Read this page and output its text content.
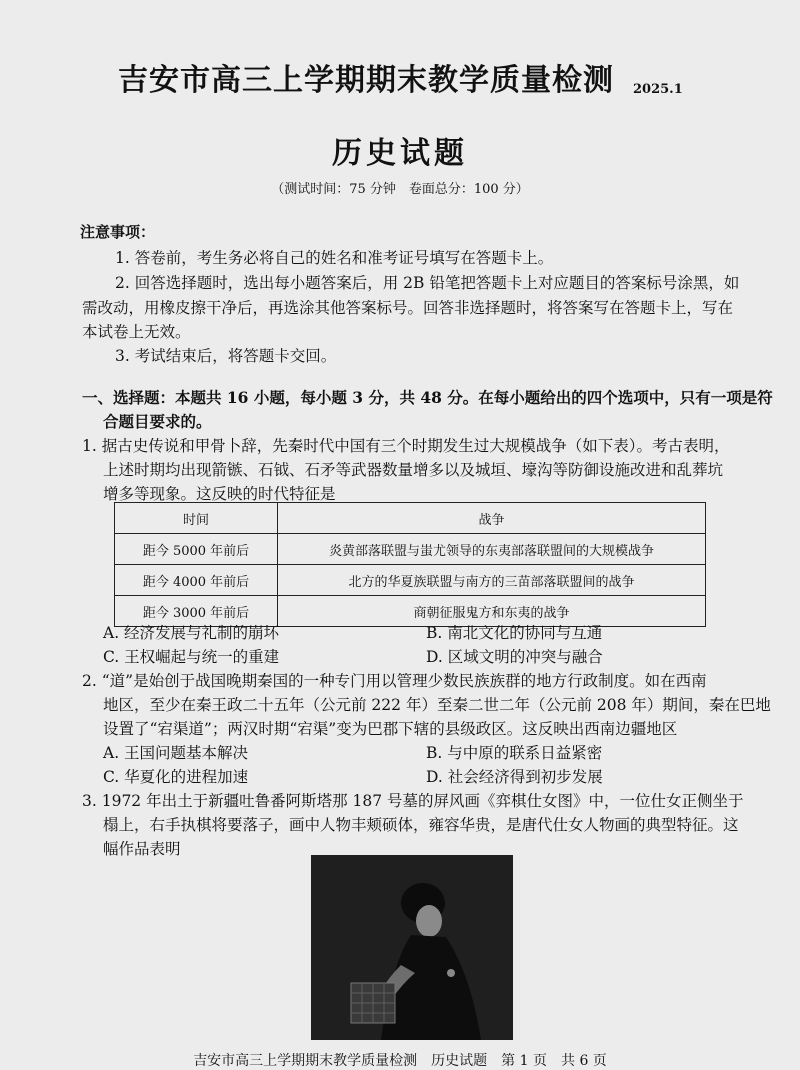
吉安市高三上学期期末教学质量检测 2025.1
历史试题
（测试时间：75 分钟　卷面总分：100 分）
注意事项：
1. 答卷前，考生务必将自己的姓名和准考证号填写在答题卡上。
2. 回答选择题时，选出每小题答案后，用 2B 铅笔把答题卡上对应题目的答案标号涂黑，如
需改动，用橡皮擦干净后，再选涂其他答案标号。回答非选择题时，将答案写在答题卡上，写在
本试卷上无效。
3. 考试结束后，将答题卡交回。
一、选择题：本题共 16 小题，每小题 3 分，共 48 分。在每小题给出的四个选项中，只有一项是符
合题目要求的。
1. 据古史传说和甲骨卜辞，先秦时代中国有三个时期发生过大规模战争（如下表）。考古表明，
上述时期均出现箭镞、石钺、石矛等武器数量增多以及城垣、壕沟等防御设施改进和乱葬坑
增多等现象。这反映的时代特征是
时间	战争
距今 5000 年前后	炎黄部落联盟与蚩尤领导的东夷部落联盟间的大规模战争
距今 4000 年前后	北方的华夏族联盟与南方的三苗部落联盟间的战争
距今 3000 年前后	商朝征服鬼方和东夷的战争
A. 经济发展与礼制的崩坏	B. 南北文化的协同与互通
C. 王权崛起与统一的重建	D. 区域文明的冲突与融合
2. “道”是始创于战国晚期秦国的一种专门用以管理少数民族族群的地方行政制度。如在西南
地区，至少在秦王政二十五年（公元前 222 年）至秦二世二年（公元前 208 年）期间，秦在巴地
设置了“宕渠道”；两汉时期“宕渠”变为巴郡下辖的县级政区。这反映出西南边疆地区
A. 王国问题基本解决	B. 与中原的联系日益紧密
C. 华夏化的进程加速	D. 社会经济得到初步发展
3. 1972 年出土于新疆吐鲁番阿斯塔那 187 号墓的屏风画《弈棋仕女图》中，一位仕女正侧坐于
榻上，右手执棋将要落子，画中人物丰颊硕体，雍容华贵，是唐代仕女人物画的典型特征。这
幅作品表明
吉安市高三上学期期末教学质量检测　历史试题　第 1 页　共 6 页
